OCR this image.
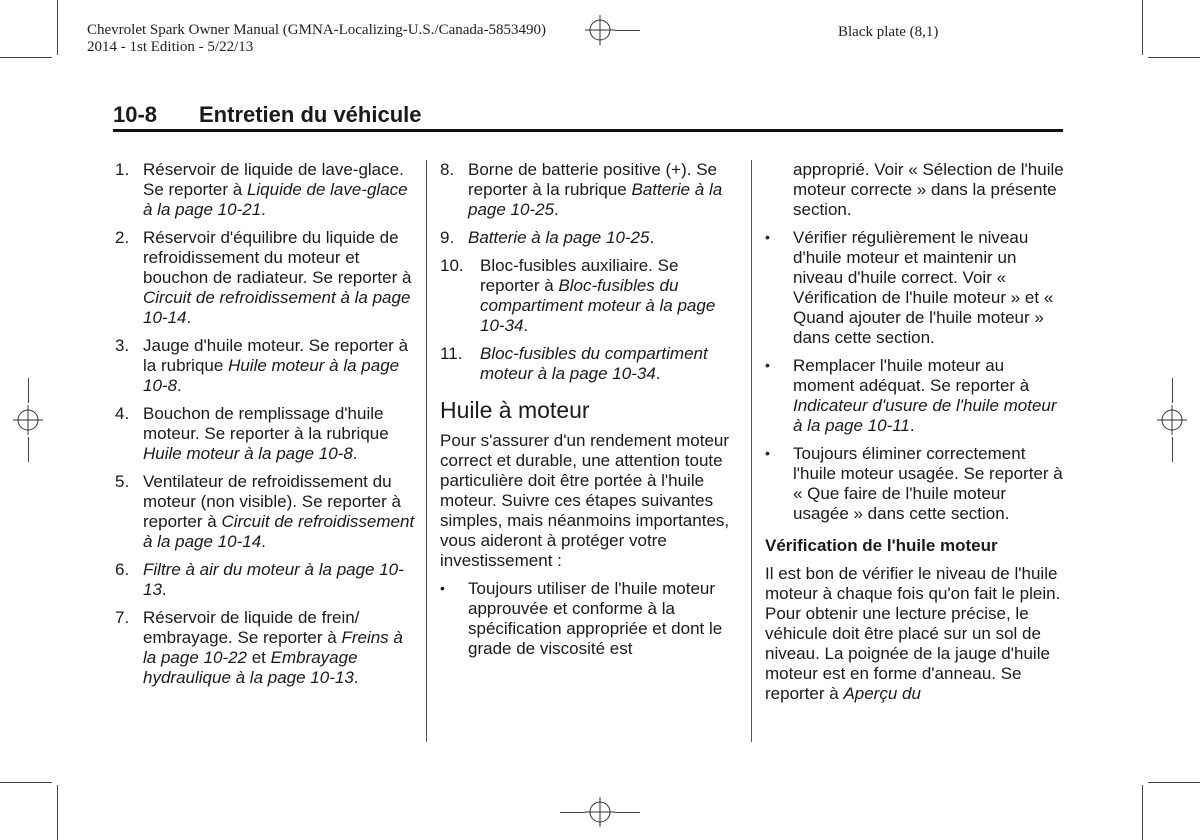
Chevrolet Spark Owner Manual (GMNA-Localizing-U.S./Canada-5853490)
2014 - 1st Edition - 5/22/13
Black plate (8,1)
10-8 Entretien du véhicule
1. Réservoir de liquide de lave-glace. Se reporter à Liquide de lave-glace à la page 10-21.
2. Réservoir d'équilibre du liquide de refroidissement du moteur et bouchon de radiateur. Se reporter à Circuit de refroidissement à la page 10-14.
3. Jauge d'huile moteur. Se reporter à la rubrique Huile moteur à la page 10-8.
4. Bouchon de remplissage d'huile moteur. Se reporter à la rubrique Huile moteur à la page 10-8.
5. Ventilateur de refroidissement du moteur (non visible). Se reporter à reporter à Circuit de refroidissement à la page 10-14.
6. Filtre à air du moteur à la page 10-13.
7. Réservoir de liquide de frein/ embrayage. Se reporter à Freins à la page 10-22 et Embrayage hydraulique à la page 10-13.
8. Borne de batterie positive (+). Se reporter à la rubrique Batterie à la page 10-25.
9. Batterie à la page 10-25.
10. Bloc-fusibles auxiliaire. Se reporter à Bloc-fusibles du compartiment moteur à la page 10-34.
11.	Bloc-fusibles du compartiment moteur à la page 10-34.
Huile à moteur

Pour s'assurer d'un rendement moteur correct et durable, une attention toute particulière doit être portée à l'huile moteur. Suivre ces étapes suivantes simples, mais néanmoins importantes, vous aideront à protéger votre investissement :

•	Toujours utiliser de l'huile moteur approuvée et conforme à la spécification appropriée et dont le grade de viscosité est
approprié. Voir « Sélection de l'huile moteur correcte » dans la présente section.
•	Vérifier régulièrement le niveau d'huile moteur et maintenir un niveau d'huile correct. Voir « Vérification de l'huile moteur » et « Quand ajouter de l'huile moteur » dans cette section.
•	Remplacer l'huile moteur au moment adéquat. Se reporter à Indicateur d'usure de l'huile moteur à la page 10-11.
•	Toujours éliminer correctement l'huile moteur usagée. Se reporter à « Que faire de l'huile moteur usagée » dans cette section.
Vérification de l'huile moteur

Il est bon de vérifier le niveau de l'huile moteur à chaque fois qu'on fait le plein. Pour obtenir une lecture précise, le véhicule doit être placé sur un sol de niveau. La poignée de la jauge d'huile moteur est en forme d'anneau. Se reporter à Aperçu du
